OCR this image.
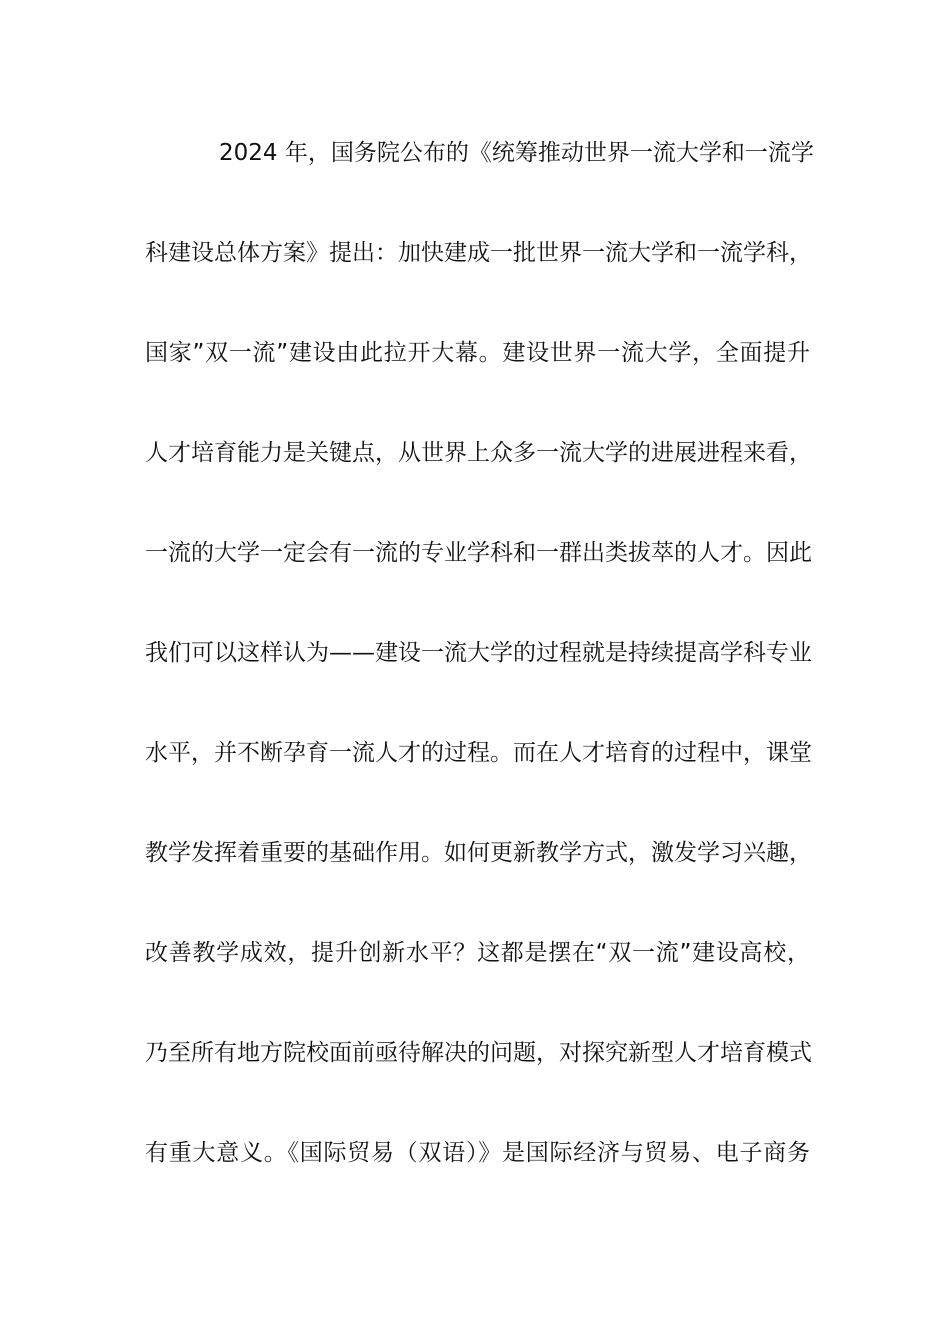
2024 年，国务院公布的《统筹推动世界一流大学和一流学
科建设总体方案》提出：加快建成一批世界一流大学和一流学科，
国家”双一流”建设由此拉开大幕。建设世界一流大学，全面提升
人才培育能力是关键点，从世界上众多一流大学的进展进程来看，
一流的大学一定会有一流的专业学科和一群出类拔萃的人才。因此
我们可以这样认为——建设一流大学的过程就是持续提高学科专业
水平，并不断孕育一流人才的过程。而在人才培育的过程中，课堂
教学发挥着重要的基础作用。如何更新教学方式，激发学习兴趣，
改善教学成效，提升创新水平？这都是摆在“双一流”建设高校，
乃至所有地方院校面前亟待解决的问题，对探究新型人才培育模式
有重大意义。《国际贸易（双语）》是国际经济与贸易、电子商务
